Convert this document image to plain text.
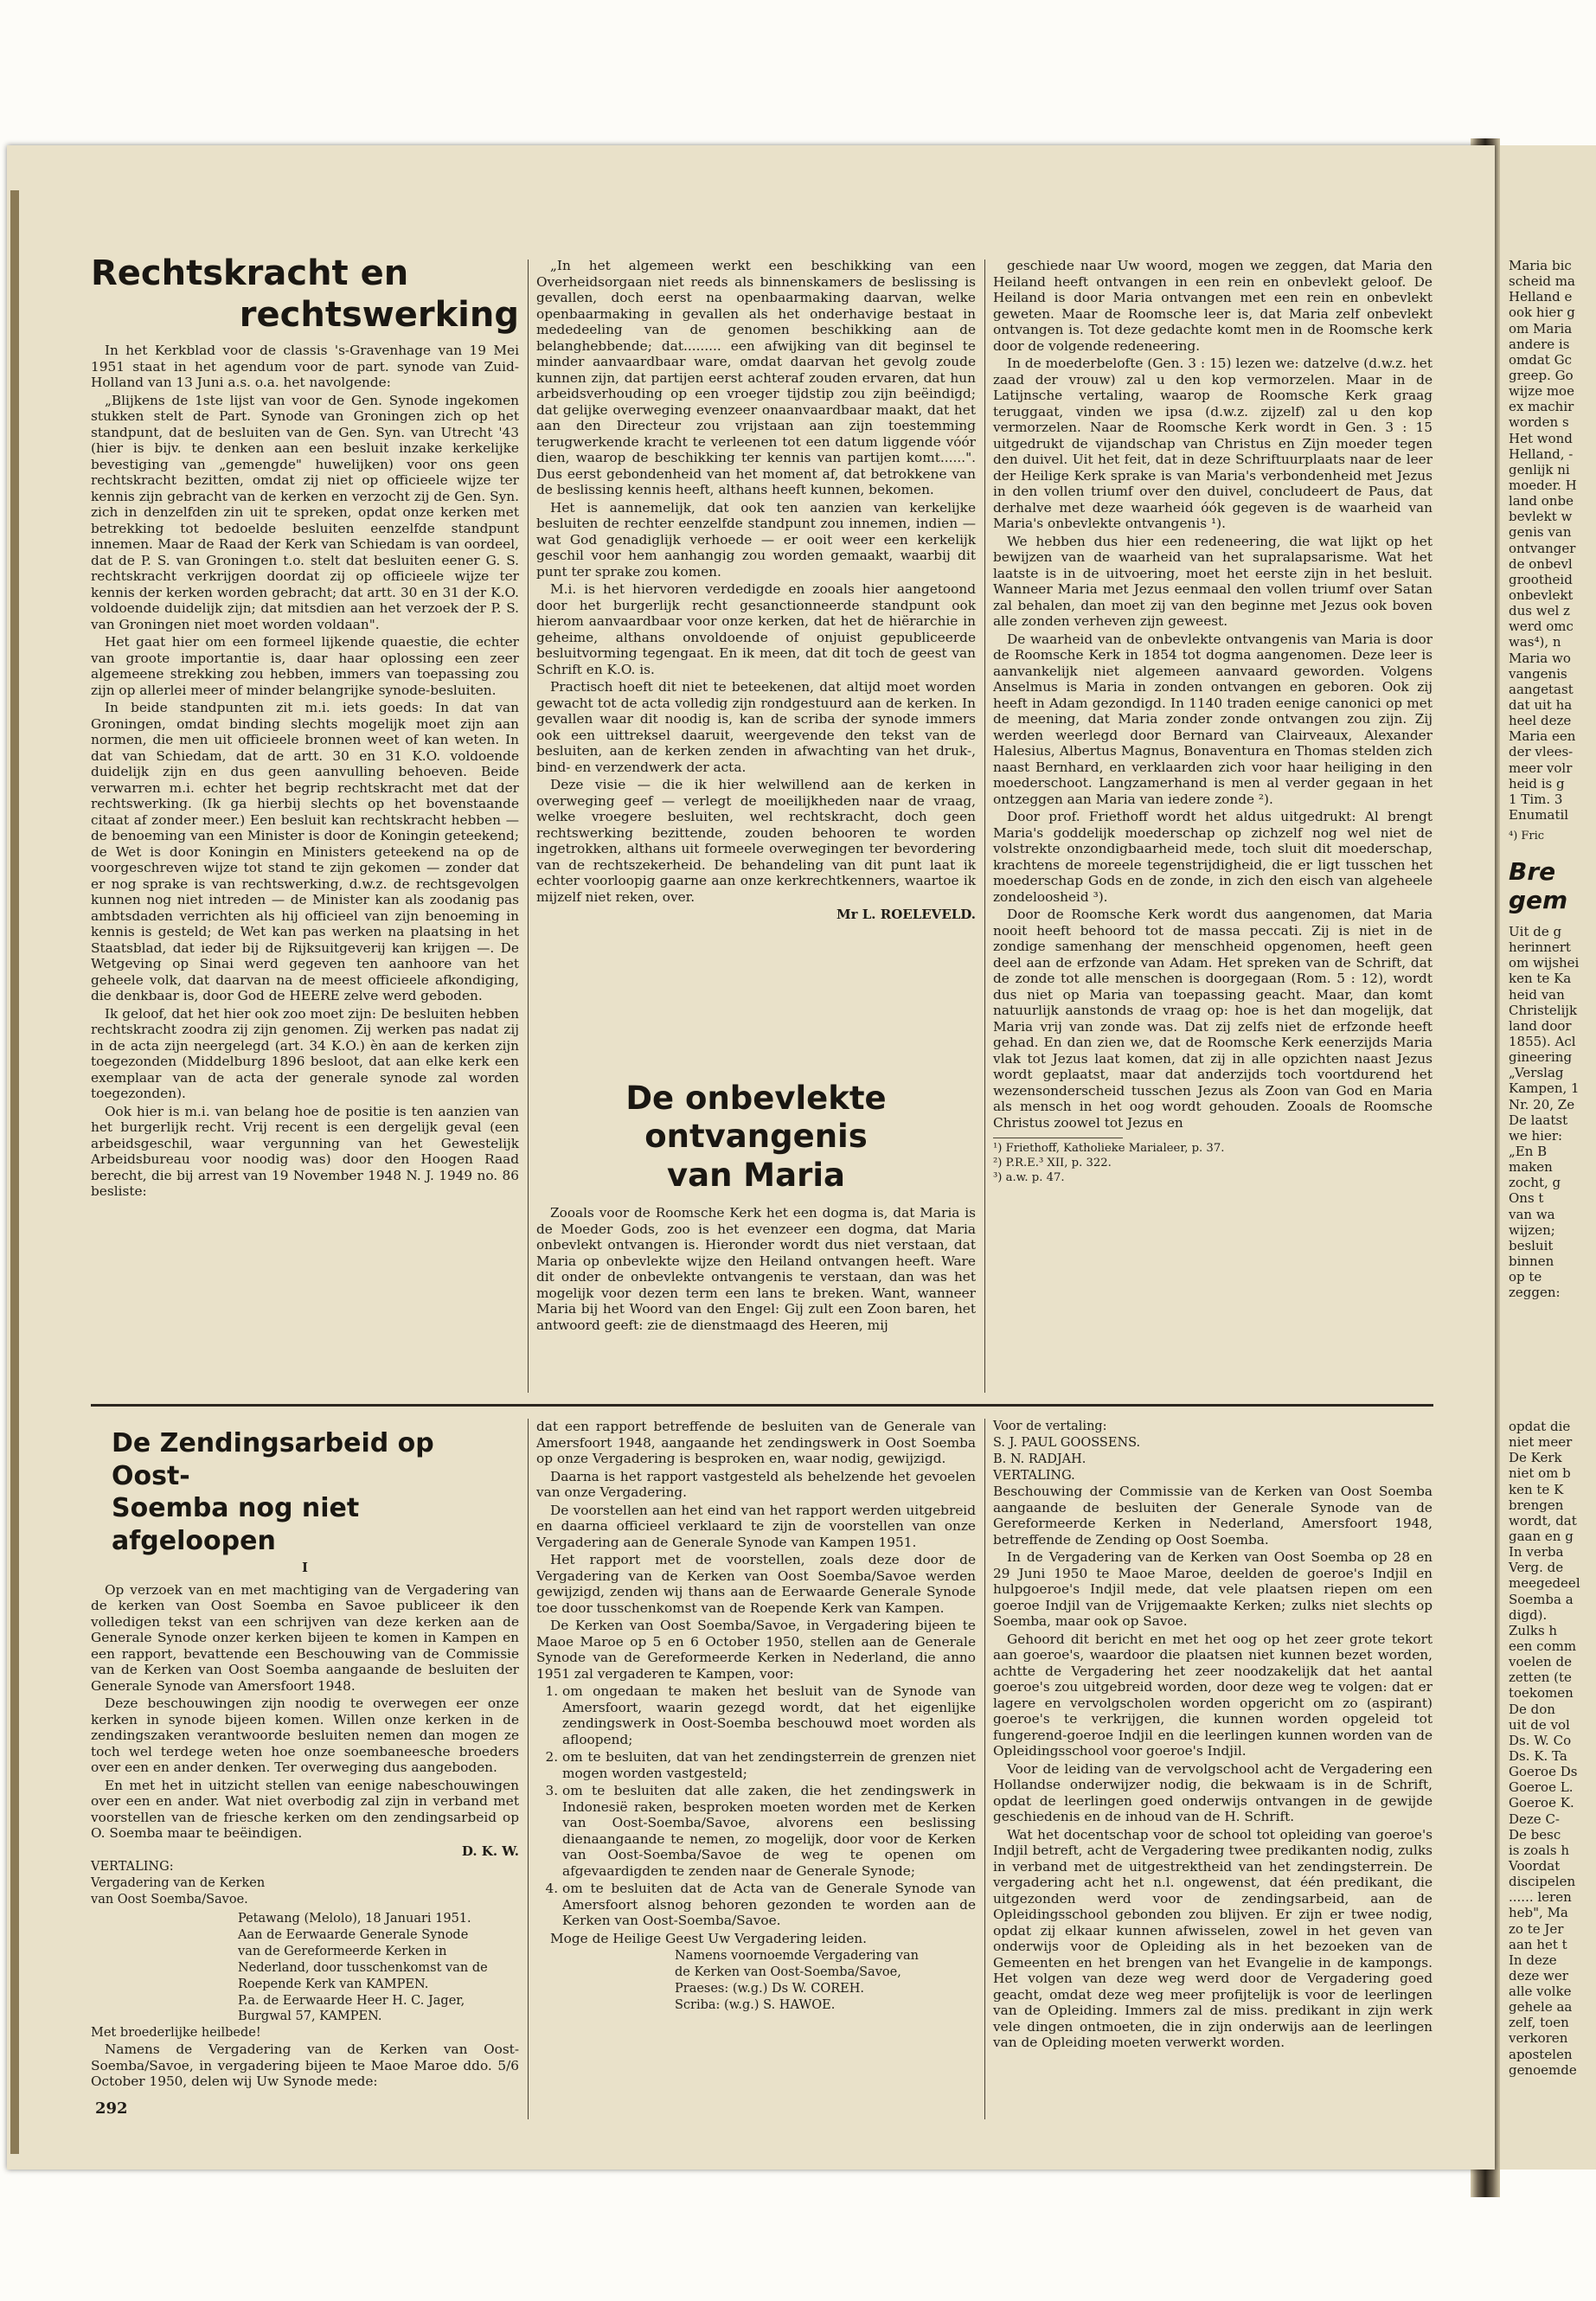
Rechtskracht en

rechtswerking

In het Kerkblad voor de classis 's-Gravenhage van 19 Mei 1951 staat in het agendum voor de part. synode van Zuid-Holland van 13 Juni a.s. o.a. het navolgende:

„Blijkens de 1ste lijst van voor de Gen. Synode ingekomen stukken stelt de Part. Synode van Groningen zich op het standpunt, dat de besluiten van de Gen. Syn. van Utrecht '43 (hier is bijv. te denken aan een besluit inzake kerkelijke bevestiging van „gemengde" huwelijken) voor ons geen rechtskracht bezitten, omdat zij niet op officieele wijze ter kennis zijn gebracht van de kerken en verzocht zij de Gen. Syn. zich in denzelfden zin uit te spreken, opdat onze kerken met betrekking tot bedoelde besluiten eenzelfde standpunt innemen. Maar de Raad der Kerk van Schiedam is van oordeel, dat de P. S. van Groningen t.o. stelt dat besluiten eener G. S. rechtskracht verkrijgen doordat zij op officieele wijze ter kennis der kerken worden gebracht; dat artt. 30 en 31 der K.O. voldoende duidelijk zijn; dat mitsdien aan het verzoek der P. S. van Groningen niet moet worden voldaan".

Het gaat hier om een formeel lijkende quaestie, die echter van groote importantie is, daar haar oplossing een zeer algemeene strekking zou hebben, immers van toepassing zou zijn op allerlei meer of minder belangrijke synode-besluiten.

In beide standpunten zit m.i. iets goeds: In dat van Groningen, omdat binding slechts mogelijk moet zijn aan normen, die men uit officieele bronnen weet of kan weten. In dat van Schiedam, dat de artt. 30 en 31 K.O. voldoende duidelijk zijn en dus geen aanvulling behoeven. Beide verwarren m.i. echter het begrip rechtskracht met dat der rechtswerking. (Ik ga hierbij slechts op het bovenstaande citaat af zonder meer.) Een besluit kan rechtskracht hebben — de benoeming van een Minister is door de Koningin geteekend; de Wet is door Koningin en Ministers geteekend na op de voorgeschreven wijze tot stand te zijn gekomen — zonder dat er nog sprake is van rechtswerking, d.w.z. de rechtsgevolgen kunnen nog niet intreden — de Minister kan als zoodanig pas ambtsdaden verrichten als hij officieel van zijn benoeming in kennis is gesteld; de Wet kan pas werken na plaatsing in het Staatsblad, dat ieder bij de Rijksuitgeverij kan krijgen —. De Wetgeving op Sinai werd gegeven ten aanhoore van het geheele volk, dat daarvan na de meest officieele afkondiging, die denkbaar is, door God de HEERE zelve werd geboden.

Ik geloof, dat het hier ook zoo moet zijn: De besluiten hebben rechtskracht zoodra zij zijn genomen. Zij werken pas nadat zij in de acta zijn neergelegd (art. 34 K.O.) èn aan de kerken zijn toegezonden (Middelburg 1896 besloot, dat aan elke kerk een exemplaar van de acta der generale synode zal worden toegezonden).

Ook hier is m.i. van belang hoe de positie is ten aanzien van het burgerlijk recht. Vrij recent is een dergelijk geval (een arbeidsgeschil, waar vergunning van het Gewestelijk Arbeidsbureau voor noodig was) door den Hoogen Raad berecht, die bij arrest van 19 November 1948 N. J. 1949 no. 86 besliste:

„In het algemeen werkt een beschikking van een Overheidsorgaan niet reeds als binnenskamers de beslissing is gevallen, doch eerst na openbaarmaking daarvan, welke openbaarmaking in gevallen als het onderhavige bestaat in mededeeling van de genomen beschikking aan de belanghebbende; dat......... een afwijking van dit beginsel te minder aanvaardbaar ware, omdat daarvan het gevolg zoude kunnen zijn, dat partijen eerst achteraf zouden ervaren, dat hun arbeidsverhouding op een vroeger tijdstip zou zijn beëindigd; dat gelijke overweging evenzeer onaanvaardbaar maakt, dat het aan den Directeur zou vrijstaan aan zijn toestemming terugwerkende kracht te verleenen tot een datum liggende vóór dien, waarop de beschikking ter kennis van partijen komt......". Dus eerst gebondenheid van het moment af, dat betrokkene van de beslissing kennis heeft, althans heeft kunnen, bekomen.

Het is aannemelijk, dat ook ten aanzien van kerkelijke besluiten de rechter eenzelfde standpunt zou innemen, indien — wat God genadiglijk verhoede — er ooit weer een kerkelijk geschil voor hem aanhangig zou worden gemaakt, waarbij dit punt ter sprake zou komen.

M.i. is het hiervoren verdedigde en zooals hier aangetoond door het burgerlijk recht gesanctionneerde standpunt ook hierom aanvaardbaar voor onze kerken, dat het de hiërarchie in geheime, althans onvoldoende of onjuist gepubliceerde besluitvorming tegengaat. En ik meen, dat dit toch de geest van Schrift en K.O. is.

Practisch hoeft dit niet te beteekenen, dat altijd moet worden gewacht tot de acta volledig zijn rondgestuurd aan de kerken. In gevallen waar dit noodig is, kan de scriba der synode immers ook een uittreksel daaruit, weergevende den tekst van de besluiten, aan de kerken zenden in afwachting van het druk-, bind- en verzendwerk der acta.

Deze visie — die ik hier welwillend aan de kerken in overweging geef — verlegt de moeilijkheden naar de vraag, welke vroegere besluiten, wel rechtskracht, doch geen rechtswerking bezittende, zouden behooren te worden ingetrokken, althans uit formeele overwegingen ter bevordering van de rechtszekerheid. De behandeling van dit punt laat ik echter voorloopig gaarne aan onze kerkrechtkenners, waartoe ik mijzelf niet reken, over.

Mr L. ROELEVELD.

De onbevlekte ontvangenis

van Maria

Zooals voor de Roomsche Kerk het een dogma is, dat Maria is de Moeder Gods, zoo is het evenzeer een dogma, dat Maria onbevlekt ontvangen is. Hieronder wordt dus niet verstaan, dat Maria op onbevlekte wijze den Heiland ontvangen heeft. Ware dit onder de onbevlekte ontvangenis te verstaan, dan was het mogelijk voor dezen term een lans te breken. Want, wanneer Maria bij het Woord van den Engel: Gij zult een Zoon baren, het antwoord geeft: zie de dienstmaagd des Heeren, mij

geschiede naar Uw woord, mogen we zeggen, dat Maria den Heiland heeft ontvangen in een rein en onbevlekt geloof. De Heiland is door Maria ontvangen met een rein en onbevlekt geweten. Maar de Roomsche leer is, dat Maria zelf onbevlekt ontvangen is. Tot deze gedachte komt men in de Roomsche kerk door de volgende redeneering.

In de moederbelofte (Gen. 3 : 15) lezen we: datzelve (d.w.z. het zaad der vrouw) zal u den kop vermorzelen. Maar in de Latijnsche vertaling, waarop de Roomsche Kerk graag teruggaat, vinden we ipsa (d.w.z. zijzelf) zal u den kop vermorzelen. Naar de Roomsche Kerk wordt in Gen. 3 : 15 uitgedrukt de vijandschap van Christus en Zijn moeder tegen den duivel. Uit het feit, dat in deze Schriftuurplaats naar de leer der Heilige Kerk sprake is van Maria's verbondenheid met Jezus in den vollen triumf over den duivel, concludeert de Paus, dat derhalve met deze waarheid óók gegeven is de waarheid van Maria's onbevlekte ontvangenis ¹).

We hebben dus hier een redeneering, die wat lijkt op het bewijzen van de waarheid van het supralapsarisme. Wat het laatste is in de uitvoering, moet het eerste zijn in het besluit. Wanneer Maria met Jezus eenmaal den vollen triumf over Satan zal behalen, dan moet zij van den beginne met Jezus ook boven alle zonden verheven zijn geweest.

De waarheid van de onbevlekte ontvangenis van Maria is door de Roomsche Kerk in 1854 tot dogma aangenomen. Deze leer is aanvankelijk niet algemeen aanvaard geworden. Volgens Anselmus is Maria in zonden ontvangen en geboren. Ook zij heeft in Adam gezondigd. In 1140 traden eenige canonici op met de meening, dat Maria zonder zonde ontvangen zou zijn. Zij werden weerlegd door Bernard van Clairveaux, Alexander Halesius, Albertus Magnus, Bonaventura en Thomas stelden zich naast Bernhard, en verklaarden zich voor haar heiliging in den moederschoot. Langzamerhand is men al verder gegaan in het ontzeggen aan Maria van iedere zonde ²).

Door prof. Friethoff wordt het aldus uitgedrukt: Al brengt Maria's goddelijk moederschap op zichzelf nog wel niet de volstrekte onzondigbaarheid mede, toch sluit dit moederschap, krachtens de moreele tegenstrijdigheid, die er ligt tusschen het moederschap Gods en de zonde, in zich den eisch van algeheele zondeloosheid ³).

Door de Roomsche Kerk wordt dus aangenomen, dat Maria nooit heeft behoord tot de massa peccati. Zij is niet in de zondige samenhang der menschheid opgenomen, heeft geen deel aan de erfzonde van Adam. Het spreken van de Schrift, dat de zonde tot alle menschen is doorgegaan (Rom. 5 : 12), wordt dus niet op Maria van toepassing geacht. Maar, dan komt natuurlijk aanstonds de vraag op: hoe is het dan mogelijk, dat Maria vrij van zonde was. Dat zij zelfs niet de erfzonde heeft gehad. En dan zien we, dat de Roomsche Kerk eenerzijds Maria vlak tot Jezus laat komen, dat zij in alle opzichten naast Jezus wordt geplaatst, maar dat anderzijds toch voortdurend het wezensonderscheid tusschen Jezus als Zoon van God en Maria als mensch in het oog wordt gehouden. Zooals de Roomsche Christus zoowel tot Jezus en

¹) Friethoff, Katholieke Marialeer, p. 37.

²) P.R.E.³ XII, p. 322.

³) a.w. p. 47.

De Zendingsarbeid op Oost-

Soemba nog niet afgeloopen

I

Op verzoek van en met machtiging van de Vergadering van de kerken van Oost Soemba en Savoe publiceer ik den volledigen tekst van een schrijven van deze kerken aan de Generale Synode onzer kerken bijeen te komen in Kampen en een rapport, bevattende een Beschouwing van de Commissie van de Kerken van Oost Soemba aangaande de besluiten der Generale Synode van Amersfoort 1948.

Deze beschouwingen zijn noodig te overwegen eer onze kerken in synode bijeen komen. Willen onze kerken in de zendingszaken verantwoorde besluiten nemen dan mogen ze toch wel terdege weten hoe onze soembaneesche broeders over een en ander denken. Ter overweging dus aangeboden.

En met het in uitzicht stellen van eenige nabeschouwingen over een en ander. Wat niet overbodig zal zijn in verband met voorstellen van de friesche kerken om den zendingsarbeid op O. Soemba maar te beëindigen.

D. K. W.

VERTALING:

Vergadering van de Kerken

van Oost Soemba/Savoe.

Petawang (Melolo), 18 Januari 1951.

Aan de Eerwaarde Generale Synode

van de Gereformeerde Kerken in

Nederland, door tusschenkomst van de

Roepende Kerk van KAMPEN.

P.a. de Eerwaarde Heer H. C. Jager,

Burgwal 57, KAMPEN.

Met broederlijke heilbede!

Namens de Vergadering van de Kerken van Oost-Soemba/Savoe, in vergadering bijeen te Maoe Maroe ddo. 5/6 October 1950, delen wij Uw Synode mede:

dat een rapport betreffende de besluiten van de Generale van Amersfoort 1948, aangaande het zendingswerk in Oost Soemba op onze Vergadering is besproken en, waar nodig, gewijzigd.

Daarna is het rapport vastgesteld als behelzende het gevoelen van onze Vergadering.

De voorstellen aan het eind van het rapport werden uitgebreid en daarna officieel verklaard te zijn de voorstellen van onze Vergadering aan de Generale Synode van Kampen 1951.

Het rapport met de voorstellen, zoals deze door de Vergadering van de Kerken van Oost Soemba/Savoe werden gewijzigd, zenden wij thans aan de Eerwaarde Generale Synode toe door tusschenkomst van de Roepende Kerk van Kampen.

De Kerken van Oost Soemba/Savoe, in Vergadering bijeen te Maoe Maroe op 5 en 6 October 1950, stellen aan de Generale Synode van de Gereformeerde Kerken in Nederland, die anno 1951 zal vergaderen te Kampen, voor:

1. om ongedaan te maken het besluit van de Synode van Amersfoort, waarin gezegd wordt, dat het eigenlijke zendingswerk in Oost-Soemba beschouwd moet worden als afloopend;
2. om te besluiten, dat van het zendingsterrein de grenzen niet mogen worden vastgesteld;
3. om te besluiten dat alle zaken, die het zendingswerk in Indonesië raken, besproken moeten worden met de Kerken van Oost-Soemba/Savoe, alvorens een beslissing dienaangaande te nemen, zo mogelijk, door voor de Kerken van Oost-Soemba/Savoe de weg te openen om afgevaardigden te zenden naar de Generale Synode;
4. om te besluiten dat de Acta van de Generale Synode van Amersfoort alsnog behoren gezonden te worden aan de Kerken van Oost-Soemba/Savoe.

Moge de Heilige Geest Uw Vergadering leiden.

Namens voornoemde Vergadering van

de Kerken van Oost-Soemba/Savoe,

Praeses: (w.g.) Ds W. COREH.

Scriba: (w.g.) S. HAWOE.

Voor de vertaling:

S. J. PAUL GOOSSENS.

B. N. RADJAH.

VERTALING.

Beschouwing der Commissie van de Kerken van Oost Soemba aangaande de besluiten der Generale Synode van de Gereformeerde Kerken in Nederland, Amersfoort 1948, betreffende de Zending op Oost Soemba.

In de Vergadering van de Kerken van Oost Soemba op 28 en 29 Juni 1950 te Maoe Maroe, deelden de goeroe's Indjil en hulpgoeroe's Indjil mede, dat vele plaatsen riepen om een goeroe Indjil van de Vrijgemaakte Kerken; zulks niet slechts op Soemba, maar ook op Savoe.

Gehoord dit bericht en met het oog op het zeer grote tekort aan goeroe's, waardoor die plaatsen niet kunnen bezet worden, achtte de Vergadering het zeer noodzakelijk dat het aantal goeroe's zou uitgebreid worden, door deze weg te volgen: dat er lagere en vervolgscholen worden opgericht om zo (aspirant) goeroe's te verkrijgen, die kunnen worden opgeleid tot fungerend-goeroe Indjil en die leerlingen kunnen worden van de Opleidingsschool voor goeroe's Indjil.

Voor de leiding van de vervolgschool acht de Vergadering een Hollandse onderwijzer nodig, die bekwaam is in de Schrift, opdat de leerlingen goed onderwijs ontvangen in de gewijde geschiedenis en de inhoud van de H. Schrift.

Wat het docentschap voor de school tot opleiding van goeroe's Indjil betreft, acht de Vergadering twee predikanten nodig, zulks in verband met de uitgestrektheid van het zendingsterrein. De vergadering acht het n.l. ongewenst, dat één predikant, die uitgezonden werd voor de zendingsarbeid, aan de Opleidingsschool gebonden zou blijven. Er zijn er twee nodig, opdat zij elkaar kunnen afwisselen, zowel in het geven van onderwijs voor de Opleiding als in het bezoeken van de Gemeenten en het brengen van het Evangelie in de kampongs. Het volgen van deze weg werd door de Vergadering goed geacht, omdat deze weg meer profijtelijk is voor de leerlingen van de Opleiding. Immers zal de miss. predikant in zijn werk vele dingen ontmoeten, die in zijn onderwijs aan de leerlingen van de Opleiding moeten verwerkt worden.

292

Maria bic

scheid ma

Helland e

ook hier g

om Maria

andere is

omdat Gc

greep. Go

wijze moe

ex machir

worden s

Het wond

Helland, -

genlijk ni

moeder. H

land onbe

bevlekt w

genis van

ontvanger

de onbevl

grootheid

onbevlekt

dus wel z

werd omc

was⁴), n

Maria wo

vangenis

aangetast

dat uit ha

heel deze

Maria een

der vlees-

meer volr

heid is g

1 Tim. 3

Enumatil

⁴) Fric

Bre

gem

Uit de g

herinnert

om wijshei

ken te Ka

heid van

Christelijk

land door

1855). Acl

gineering

„Verslag

Kampen, 1

Nr. 20, Ze

De laatst

we hier:

„En B

maken

zocht, g

Ons t

van wa

wijzen;

besluit

binnen

op te

zeggen:

opdat die

niet meer

De Kerk

niet om b

ken te K

brengen

wordt, dat

gaan en g

In verba

Verg. de

meegedeel

Soemba a

digd).

Zulks h

een comm

voelen de

zetten (te

toekomen

De don

uit de vol

Ds. W. Co

Ds. K. Ta

Goeroe Ds

Goeroe L.

Goeroe K.

Deze C-

De besc

is zoals h

Voordat

discipelen

...... leren

heb", Ma

zo te Jer

aan het t

In deze

deze wer

alle volke

gehele aa

zelf, toen

verkoren

apostelen

genoemde
